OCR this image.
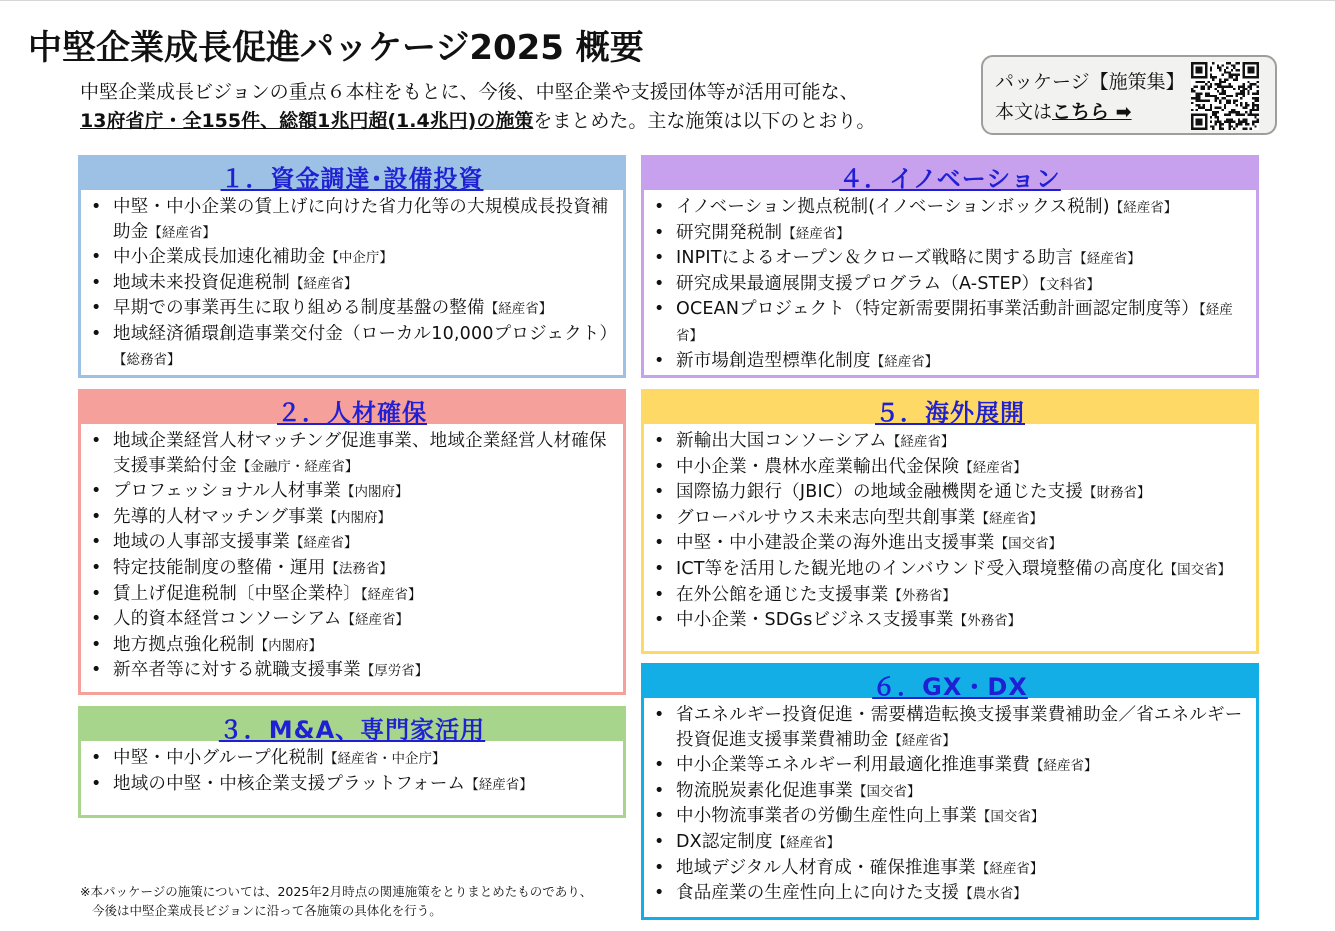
中堅企業成長促進パッケージ2025 概要
中堅企業成長ビジョンの重点６本柱をもとに、今後、中堅企業や支援団体等が活用可能な、
13府省庁・全155件、総額1兆円超(1.4兆円)の施策をまとめた。主な施策は以下のとおり。
パッケージ【施策集】
本文はこちら ➡
１．資金調達･設備投資
• 中堅・中小企業の賃上げに向けた省力化等の大規模成長投資補助金【経産省】
• 中小企業成長加速化補助金【中企庁】
• 地域未来投資促進税制【経産省】
• 早期での事業再生に取り組める制度基盤の整備【経産省】
• 地域経済循環創造事業交付金（ローカル10,000プロジェクト）【総務省】
２．人材確保
• 地域企業経営人材マッチング促進事業、地域企業経営人材確保支援事業給付金【金融庁・経産省】
• プロフェッショナル人材事業【内閣府】
• 先導的人材マッチング事業【内閣府】
• 地域の人事部支援事業【経産省】
• 特定技能制度の整備・運用【法務省】
• 賃上げ促進税制〔中堅企業枠〕【経産省】
• 人的資本経営コンソーシアム【経産省】
• 地方拠点強化税制【内閣府】
• 新卒者等に対する就職支援事業【厚労省】
３．M&A、専門家活用
• 中堅・中小グループ化税制【経産省・中企庁】
• 地域の中堅・中核企業支援プラットフォーム【経産省】
４．イノベーション
• イノベーション拠点税制(イノベーションボックス税制)【経産省】
• 研究開発税制【経産省】
• INPITによるオープン＆クローズ戦略に関する助言【経産省】
• 研究成果最適展開支援プログラム（A-STEP）【文科省】
• OCEANプロジェクト（特定新需要開拓事業活動計画認定制度等）【経産省】
• 新市場創造型標準化制度【経産省】
５．海外展開
• 新輸出大国コンソーシアム【経産省】
• 中小企業・農林水産業輸出代金保険【経産省】
• 国際協力銀行（JBIC）の地域金融機関を通じた支援【財務省】
• グローバルサウス未来志向型共創事業【経産省】
• 中堅・中小建設企業の海外進出支援事業【国交省】
• ICT等を活用した観光地のインバウンド受入環境整備の高度化【国交省】
• 在外公館を通じた支援事業【外務省】
• 中小企業・SDGsビジネス支援事業【外務省】
６．GX・DX
• 省エネルギー投資促進・需要構造転換支援事業費補助金／省エネルギー投資促進支援事業費補助金【経産省】
• 中小企業等エネルギー利用最適化推進事業費【経産省】
• 物流脱炭素化促進事業【国交省】
• 中小物流事業者の労働生産性向上事業【国交省】
• DX認定制度【経産省】
• 地域デジタル人材育成・確保推進事業【経産省】
• 食品産業の生産性向上に向けた支援【農水省】
※本パッケージの施策については、2025年2月時点の関連施策をとりまとめたものであり、
今後は中堅企業成長ビジョンに沿って各施策の具体化を行う。
